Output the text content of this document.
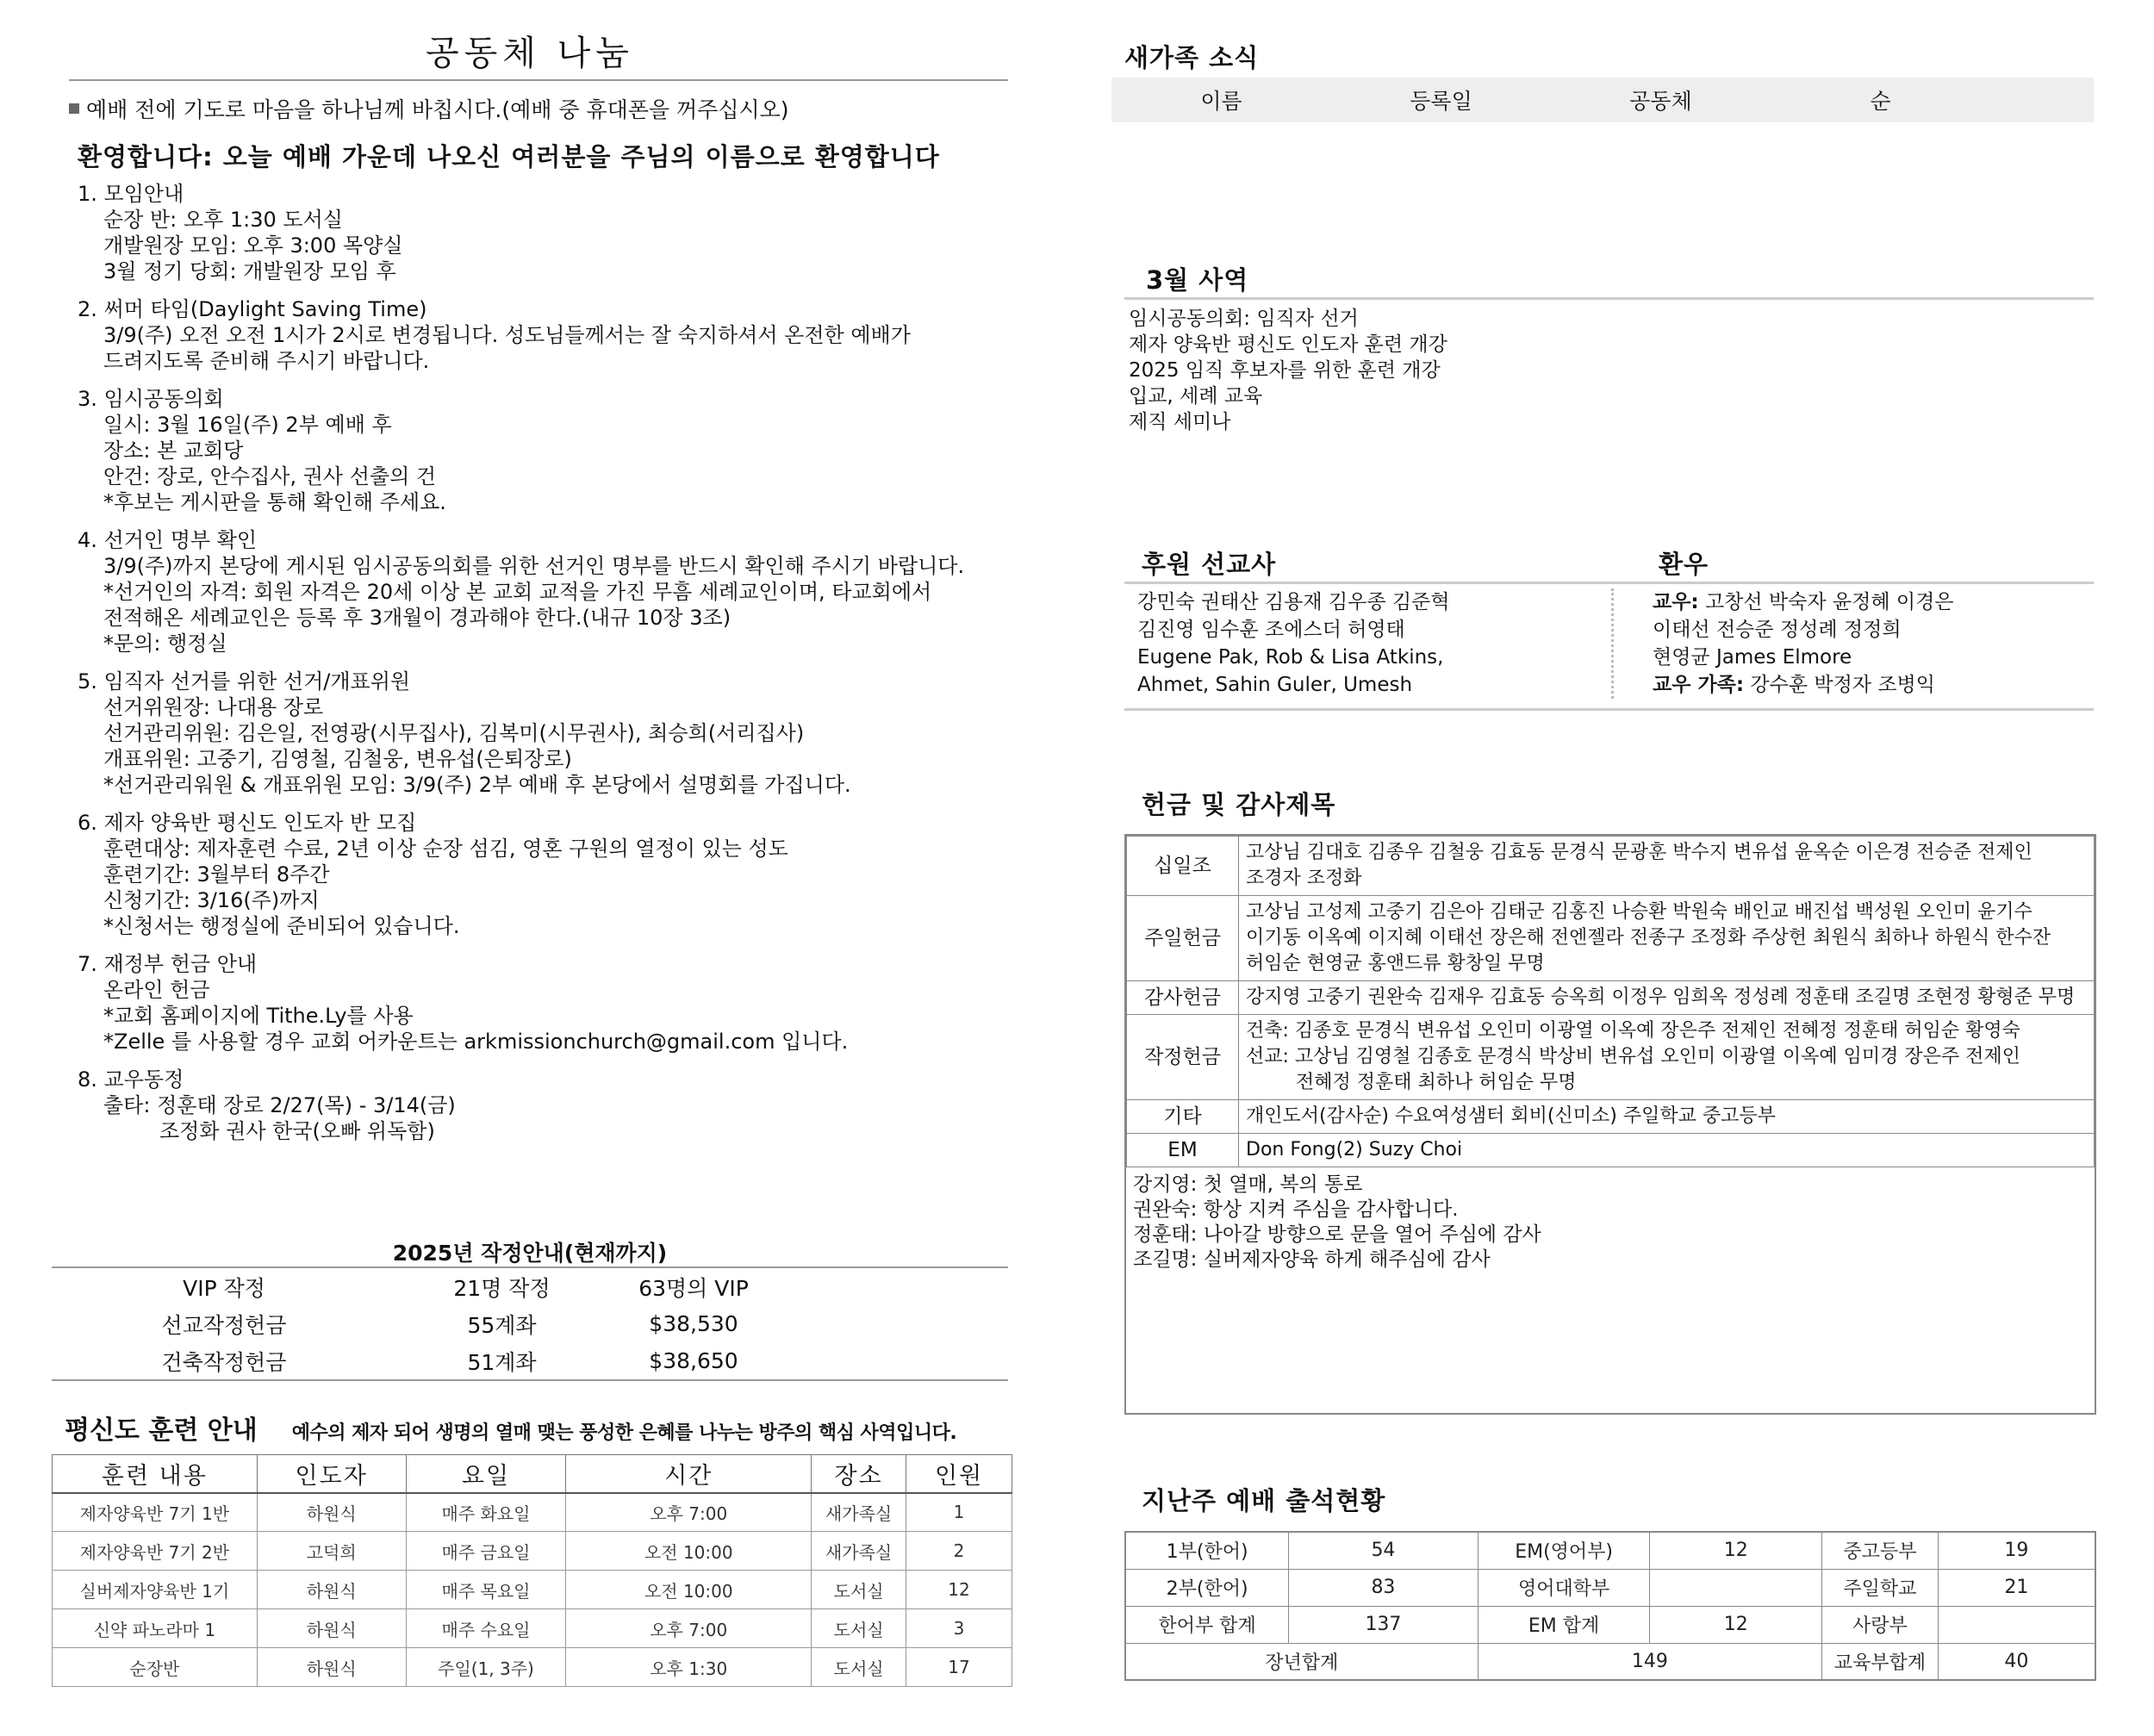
공동체 나눔
예배 전에 기도로 마음을 하나님께 바칩시다.(예배 중 휴대폰을 꺼주십시오)
환영합니다: 오늘 예배 가운데 나오신 여러분을 주님의 이름으로 환영합니다
1. 모임안내
순장 반: 오후 1:30 도서실
개발원장 모임: 오후 3:00 목양실
3월 정기 당회: 개발원장 모임 후
2. 써머 타임(Daylight Saving Time)
3/9(주) 오전 오전 1시가 2시로 변경됩니다. 성도님들께서는 잘 숙지하셔서 온전한 예배가
드려지도록 준비해 주시기 바랍니다.
3. 임시공동의회
일시: 3월 16일(주) 2부 예배 후
장소: 본 교회당
안건: 장로, 안수집사, 권사 선출의 건
*후보는 게시판을 통해 확인해 주세요.
4. 선거인 명부 확인
3/9(주)까지 본당에 게시된 임시공동의회를 위한 선거인 명부를 반드시 확인해 주시기 바랍니다.
*선거인의 자격: 회원 자격은 20세 이상 본 교회 교적을 가진 무흠 세례교인이며, 타교회에서
전적해온 세례교인은 등록 후 3개월이 경과해야 한다.(내규 10장 3조)
*문의: 행정실
5. 임직자 선거를 위한 선거/개표위원
선거위원장: 나대용 장로
선거관리위원: 김은일, 전영광(시무집사), 김복미(시무권사), 최승희(서리집사)
개표위원: 고중기, 김영철, 김철웅, 변유섭(은퇴장로)
*선거관리워원 & 개표위원 모임: 3/9(주) 2부 예배 후 본당에서 설명회를 가집니다.
6. 제자 양육반 평신도 인도자 반 모집
훈련대상: 제자훈련 수료, 2년 이상 순장 섬김, 영혼 구원의 열정이 있는 성도
훈련기간: 3월부터 8주간
신청기간: 3/16(주)까지
*신청서는 행정실에 준비되어 있습니다.
7. 재정부 헌금 안내
온라인 헌금
*교회 홈페이지에 Tithe.Ly를 사용
*Zelle 를 사용할 경우 교회 어카운트는 arkmissionchurch@gmail.com 입니다.
8. 교우동정
출타: 정훈태 장로 2/27(목) - 3/14(금)
조정화 권사 한국(오빠 위독함)
2025년 작정안내(현재까지)
VIP 작정	21명 작정	63명의 VIP
선교작정헌금	55계좌	$38,530
건축작정헌금	51계좌	$38,650
평신도 훈련 안내 예수의 제자 되어 생명의 열매 맺는 풍성한 은혜를 나누는 방주의 핵심 사역입니다.
훈련 내용	인도자	요일	시간	장소	인원
제자양육반 7기 1반	하원식	매주 화요일	오후 7:00	새가족실	1
제자양육반 7기 2반	고덕희	매주 금요일	오전 10:00	새가족실	2
실버제자양육반 1기	하원식	매주 목요일	오전 10:00	도서실	12
신약 파노라마 1	하원식	매주 수요일	오후 7:00	도서실	3
순장반	하원식	주일(1, 3주)	오후 1:30	도서실	17
새가족 소식
이름	등록일	공동체	순
3월 사역
임시공동의회: 임직자 선거
제자 양육반 평신도 인도자 훈련 개강
2025 임직 후보자를 위한 훈련 개강
입교, 세례 교육
제직 세미나
후원 선교사	환우
강민숙 권태산 김용재 김우종 김준혁
김진영 임수훈 조에스더 허영태
Eugene Pak, Rob & Lisa Atkins,
Ahmet, Sahin Guler, Umesh
교우: 고창선 박숙자 윤정혜 이경은
이태선 전승준 정성례 정정희
현영균 James Elmore
교우 가족: 강수훈 박정자 조병익
헌금 및 감사제목
십일조	고상님 김대호 김종우 김철웅 김효동 문경식 문광훈 박수지 변유섭 윤옥순 이은경 전승준 전제인
조경자 조정화

주일헌금	고상님 고성제 고중기 김은아 김태군 김홍진 나승환 박원숙 배인교 배진섭 백성원 오인미 윤기수
이기동 이옥예 이지혜 이태선 장은해 전엔젤라 전종구 조정화 주상헌 최원식 최하나 하원식 한수잔
허임순 현영균 홍앤드류 황창일 무명

감사헌금	강지영 고중기 권완숙 김재우 김효동 승옥희 이정우 임희옥 정성례 정훈태 조길명 조현정 황형준 무명

작정헌금	건축: 김종호 문경식 변유섭 오인미 이광열 이옥예 장은주 전제인 전혜정 정훈태 허임순 황영숙
선교: 고상님 김영철 김종호 문경식 박상비 변유섭 오인미 이광열 이옥예 임미경 장은주 전제인
전혜정 정훈태 최하나 허임순 무명

기타	개인도서(감사순) 수요여성샘터 회비(신미소) 주일학교 중고등부

EM	Don Fong(2) Suzy Choi
강지영: 첫 열매, 복의 통로
권완숙: 항상 지켜 주심을 감사합니다.
정훈태: 나아갈 방향으로 문을 열어 주심에 감사
조길명: 실버제자양육 하게 해주심에 감사
지난주 예배 출석현황
1부(한어)	54	EM(영어부)	12	중고등부	19
2부(한어)	83	영어대학부		주일학교	21
한어부 합계	137	EM 합계	12	사랑부	
장년합계		149		교육부합계	40
